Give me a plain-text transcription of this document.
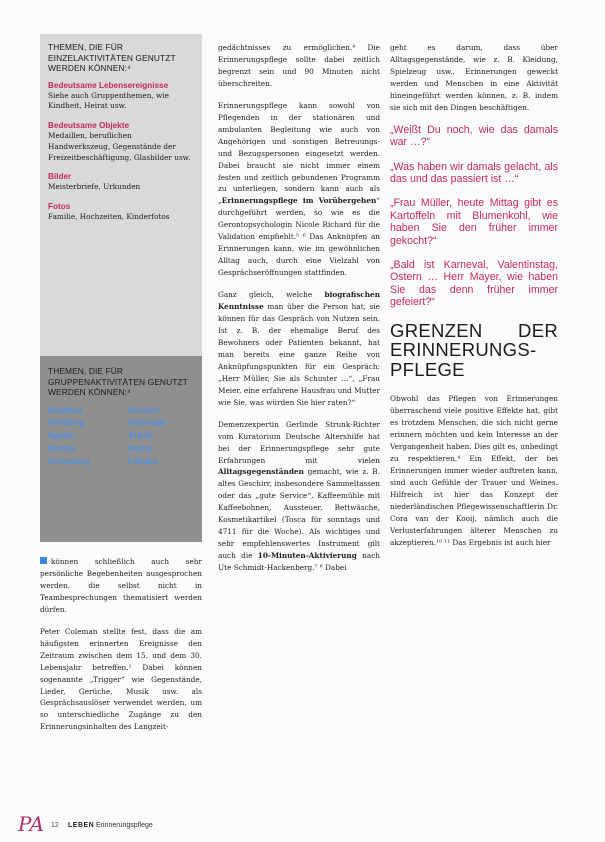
THEMEN, DIE FÜR EINZELAKTIVITÄTEN GENUTZT WERDEN KÖNNEN:⁴
Bedeutsame Lebensereignisse
Siehe auch Gruppenthemen, wie Kindheit, Heirat usw.
Bedeutsame Objekte
Medaillen, beruflichen Handwerkszeug, Gegenstände der Freizeitbeschäftigung, Glasbilder usw.
Bilder
Meisterbriefe, Urkunden
Fotos
Familie, Hochzeiten, Kinderfotos
THEMEN, DIE FÜR GRUPPENAKTIVITÄTEN GENUTZT WERDEN KÖNNEN:⁴
Kindheit	Kochen
Kleidung	Feiertage
Spiele	Arbeit
Schule	Heirat
Erziehung	Familie

können schließlich auch sehr persönliche Begebenheiten ausgesprochen werden, die selbst nicht in Teambesprechungen thematisiert werden dürfen.

Peter Coleman stellte fest, dass die am häufigsten erinnerten Ereignisse den Zeitraum zwischen dem 15. und dem 30. Lebensjahr betreffen.¹ Dabei können sogenannte „Trigger“ wie Gegenstände, Lieder, Gerüche, Musik usw. als Gesprächsauslöser verwendet werden, um so unterschiedliche Zugänge zu den Erinnerungsinhalten des Langzeit-

gedächtnisses zu ermöglichen.⁴ Die Erinnerungspflege sollte dabei zeitlich begrenzt sein und 90 Minuten nicht überschreiten.

Erinnerungspflege kann sowohl von Pflegenden in der stationären und ambulanten Begleitung wie auch von Angehörigen und sonstigen Betreuungs- und Bezugspersonen eingesetzt werden. Dabei braucht sie nicht immer einem festen und zeitlich gebundenen Programm zu unterliegen, sondern kann auch als „Erinnerungspflege im Vorübergehen“ durchgeführt werden, so wie es die Gerontopsychologin Nicole Richard für die Validation empfiehlt.⁵ ⁶ Das Anknüpfen an Erinnerungen kann, wie im gewöhnlichen Alltag auch, durch eine Vielzahl von Gesprächseröffnungen stattfinden.

Ganz gleich, welche biografischen Kenntnisse man über die Person hat, sie können für das Gespräch von Nutzen sein. Ist z. B. der ehemalige Beruf des Bewohners oder Patienten bekannt, hat man bereits eine ganze Reihe von Anknüpfungspunkten für ein Gespräch: „Herr Müller, Sie als Schuster …“, „Frau Meier, eine erfahrene Hausfrau und Mutter wie Sie, was würden Sie hier raten?“

Demenzexpertin Gerlinde Strunk-Richter vom Kuratorium Deutsche Altershilfe hat bei der Erinnerungspflege sehr gute Erfahrungen mit vielen Alltagsgegenständen gemacht, wie z. B. altes Geschirr, insbesondere Sammeltassen oder das „gute Service“, Kaffeemühle mit Kaffeebohnen, Aussteuer, Bettwäsche, Kosmetikartikel (Tosca für sonntags und 4711 für die Woche). Als wichtiges und sehr empfehlenswertes Instrument gilt auch die 10-Minuten-Aktivierung nach Ute Schmidt-Hackenberg.⁷ ⁸ Dabei

geht es darum, dass über Alltagsgegenstände, wie z. B. Kleidung, Spielzeug usw., Erinnerungen geweckt werden und Menschen in eine Aktivität hineingeführt werden können, z. B. indem sie sich mit den Dingen beschäftigen.

„Weißt Du noch, wie das damals war …?“
„Was haben wir damals gelacht, als das und das passiert ist …“
„Frau Müller, heute Mittag gibt es Kartoffeln mit Blumenkohl, wie haben Sie den früher immer gekocht?“
„Bald ist Karneval, Valentinstag, Ostern … Herr Mayer, wie haben Sie das denn früher immer gefeiert?“
GRENZEN DER ERINNERUNGS-PFLEGE

Obwohl das Pflegen von Erinnerungen überraschend viele positive Effekte hat, gibt es trotzdem Menschen, die sich nicht gerne erinnern möchten und kein Interesse an der Vergangenheit haben. Dies gilt es, unbedingt zu respektieren.⁴ Ein Effekt, der bei Erinnerungen immer wieder auftreten kann, sind auch Gefühle der Trauer und Weines. Hilfreich ist hier das Konzept der niederländischen Pflegewissenschaftlerin Dr. Cora van der Kooij, nämlich auch die Verlusterfahrungen älterer Menschen zu akzeptieren.¹⁰ ¹¹ Das Ergebnis ist auch hier

PA 12 LEBEN Erinnerungspflege
